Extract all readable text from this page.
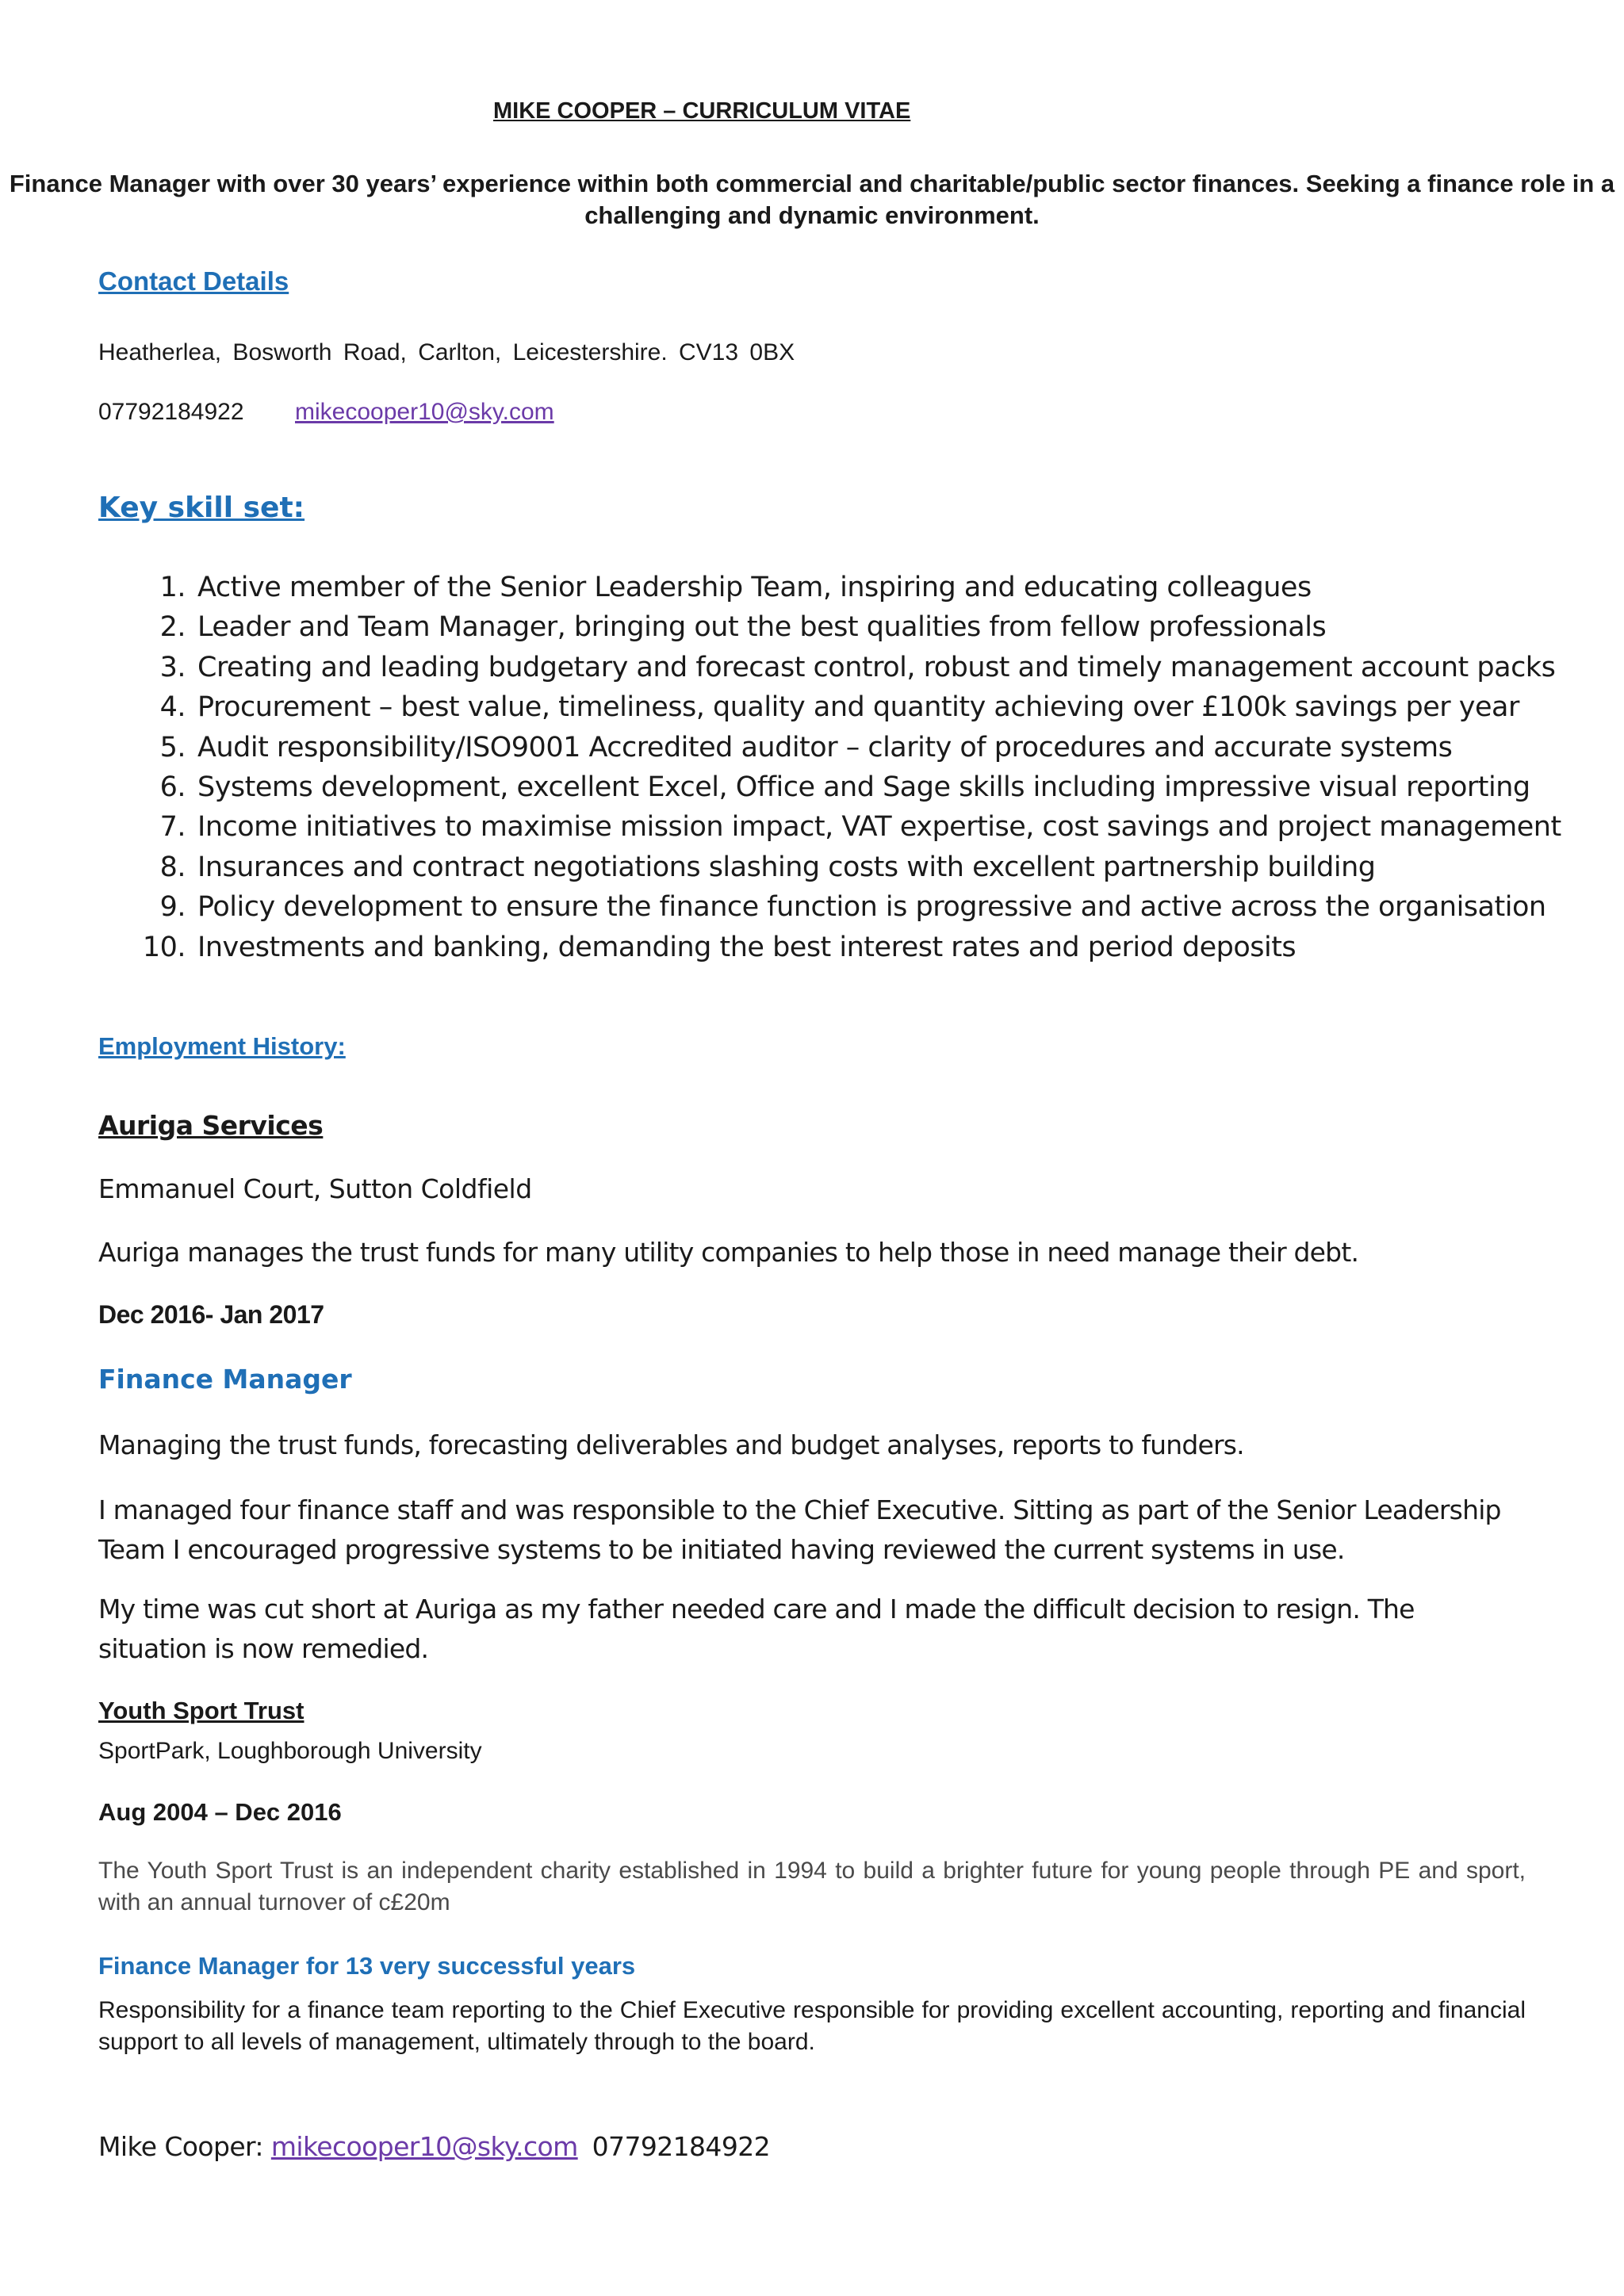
MIKE COOPER – CURRICULUM VITAE

Finance Manager with over 30 years’ experience within both commercial and charitable/public sector finances. Seeking a finance role in a challenging and dynamic environment.

Contact Details
Heatherlea, Bosworth Road, Carlton, Leicestershire. CV13 0BX
07792184922 mikecooper10@sky.com
Key skill set:
1. Active member of the Senior Leadership Team, inspiring and educating colleagues
2. Leader and Team Manager, bringing out the best qualities from fellow professionals
3. Creating and leading budgetary and forecast control, robust and timely management account packs
4. Procurement – best value, timeliness, quality and quantity achieving over £100k savings per year
5. Audit responsibility/ISO9001 Accredited auditor – clarity of procedures and accurate systems
6. Systems development, excellent Excel, Office and Sage skills including impressive visual reporting
7. Income initiatives to maximise mission impact, VAT expertise, cost savings and project management
8. Insurances and contract negotiations slashing costs with excellent partnership building
9. Policy development to ensure the finance function is progressive and active across the organisation
10. Investments and banking, demanding the best interest rates and period deposits
Employment History:
Auriga Services
Emmanuel Court, Sutton Coldfield
Auriga manages the trust funds for many utility companies to help those in need manage their debt.
Dec 2016- Jan 2017
Finance Manager
Managing the trust funds, forecasting deliverables and budget analyses, reports to funders.

I managed four finance staff and was responsible to the Chief Executive. Sitting as part of the Senior Leadership Team I encouraged progressive systems to be initiated having reviewed the current systems in use.

My time was cut short at Auriga as my father needed care and I made the difficult decision to resign. The situation is now remedied.

Youth Sport Trust
SportPark, Loughborough University
Aug 2004 – Dec 2016

The Youth Sport Trust is an independent charity established in 1994 to build a brighter future for young people through PE and sport, with an annual turnover of c£20m

Finance Manager for 13 very successful years

Responsibility for a finance team reporting to the Chief Executive responsible for providing excellent accounting, reporting and financial support to all levels of management, ultimately through to the board.

Mike Cooper: mikecooper10@sky.com 07792184922
